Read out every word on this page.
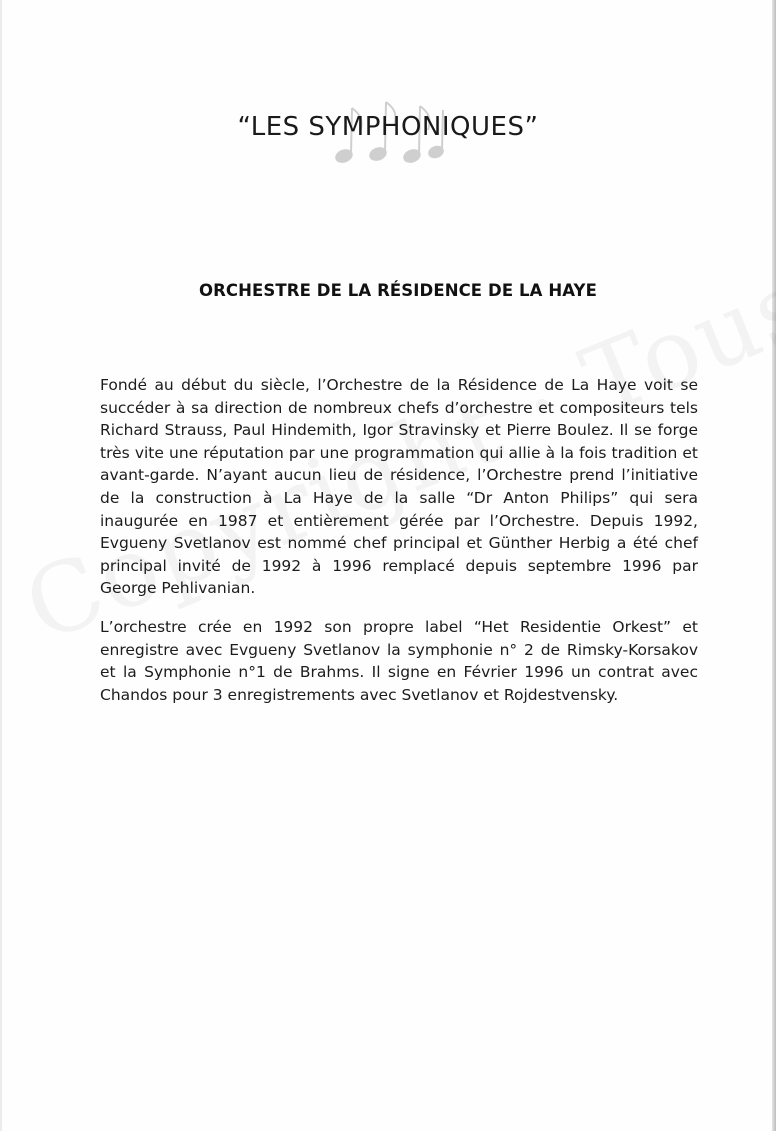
“LES SYMPHONIQUES”
ORCHESTRE DE LA RÉSIDENCE DE LA HAYE

Fondé au début du siècle, l’Orchestre de la Résidence de La Haye voit se succéder à sa direction de nombreux chefs d’orchestre et compositeurs tels Richard Strauss, Paul Hindemith, Igor Stravinsky et Pierre Boulez. Il se forge très vite une réputation par une programmation qui allie à la fois tradition et avant-garde. N’ayant aucun lieu de résidence, l’Orchestre prend l’initiative de la construction à La Haye de la salle “Dr Anton Philips” qui sera inaugurée en 1987 et entièrement gérée par l’Orchestre. Depuis 1992, Evgueny Svetlanov est nommé chef principal et Günther Herbig a été chef principal invité de 1992 à 1996 remplacé depuis septembre 1996 par George Pehlivanian.

L’orchestre crée en 1992 son propre label “Het Residentie Orkest” et enregistre avec Evgueny Svetlanov la symphonie n° 2 de Rimsky-Korsakov et la Symphonie n°1 de Brahms. Il signe en Février 1996 un contrat avec Chandos pour 3 enregistrements avec Svetlanov et Rojdestvensky.
